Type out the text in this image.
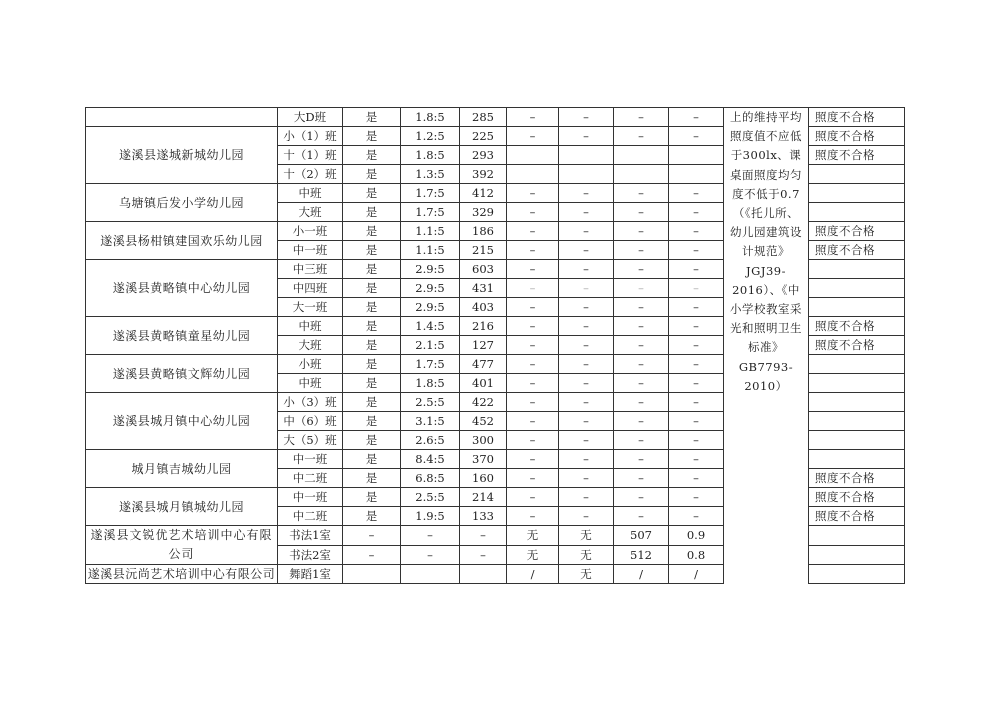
	大D班	是	1.8:5	285	–	–	–	–	上的维持平均照度值不应低于300lx、课桌面照度均匀度不低于0.7（《托儿所、幼儿园建筑设计规范》JGJ39-2016）、《中小学校教室采光和照明卫生标准》GB7793-2010）	照度不合格
遂溪县遂城新城幼儿园	小（1）班	是	1.2:5	225	–	–	–	–		照度不合格
	十（1）班	是	1.8:5	293						照度不合格
	十（2）班	是	1.3:5	392						
乌塘镇后发小学幼儿园	中班	是	1.7:5	412	–	–	–	–		
	大班	是	1.7:5	329	–	–	–	–		
遂溪县杨柑镇建国欢乐幼儿园	小一班	是	1.1:5	186	–	–	–	–		照度不合格
	中一班	是	1.1:5	215	–	–	–	–		照度不合格
遂溪县黄略镇中心幼儿园	中三班	是	2.9:5	603	–	–	–	–		
	中四班	是	2.9:5	431	–	–	–	–		
	大一班	是	2.9:5	403	–	–	–	–		
遂溪县黄略镇童星幼儿园	中班	是	1.4:5	216	–	–	–	–		照度不合格
	大班	是	2.1:5	127	–	–	–	–		照度不合格
遂溪县黄略镇文辉幼儿园	小班	是	1.7:5	477	–	–	–	–		
	中班	是	1.8:5	401	–	–	–	–		
遂溪县城月镇中心幼儿园	小（3）班	是	2.5:5	422	–	–	–	–		
	中（6）班	是	3.1:5	452	–	–	–	–		
	大（5）班	是	2.6:5	300	–	–	–	–		
城月镇吉城幼儿园	中一班	是	8.4:5	370	–	–	–	–		
	中二班	是	6.8:5	160	–	–	–	–		照度不合格
遂溪县城月镇城幼儿园	中一班	是	2.5:5	214	–	–	–	–		照度不合格
	中二班	是	1.9:5	133	–	–	–	–		照度不合格
遂溪县文锐优艺术培训中心有限公司	书法1室	–	–	–	无	无	507	0.9		
	书法2室	–	–	–	无	无	512	0.8		
遂溪县沅尚艺术培训中心有限公司	舞蹈1室				/	无	/	/		
